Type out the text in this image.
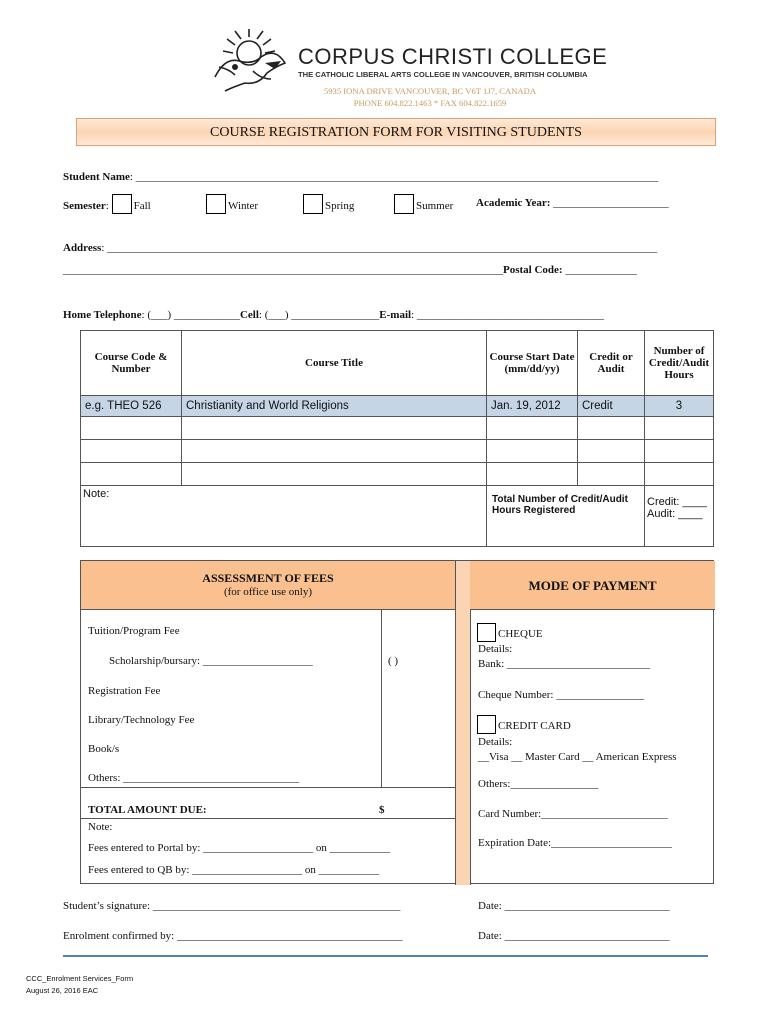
CORPUS CHRISTI COLLEGE
THE CATHOLIC LIBERAL ARTS COLLEGE IN VANCOUVER, BRITISH COLUMBIA
5935 IONA DRIVE VANCOUVER, BC V6T 1J7, CANADA
PHONE 604.822.1463 * FAX 604.822.1659
COURSE REGISTRATION FORM FOR VISITING STUDENTS
Student Name: _______________________________________________________________________________________________
Semester: Fall	Winter	Spring	Summer Academic Year: _____________________
Address: ____________________________________________________________________________________________________
________________________________________________________________________________Postal Code: _____________
Home Telephone: (___) ____________Cell: (___) ________________E-mail: __________________________________
Course Code & Number	Course Title	Course Start Date (mm/dd/yy)	Credit or Audit	Number of Credit/Audit Hours
e.g. THEO 526	Christianity and World Religions	Jan. 19, 2012	Credit	3

Note:		Total Number of Credit/Audit Hours Registered		Credit: ____
Audit: ____
ASSESSMENT OF FEES
(for office use only)	MODE OF PAYMENT
Tuition/Program Fee
Scholarship/bursary: ____________________	( )
Registration Fee
Library/Technology Fee
Book/s
Others: ________________________________
TOTAL AMOUNT DUE:	$
Note:
Fees entered to Portal by: ____________________ on ___________
Fees entered to QB by: ____________________ on ___________
CHEQUE
Details:
Bank: __________________________
Cheque Number: ________________
CREDIT CARD
Details:
__Visa __ Master Card __ American Express
Others:________________
Card Number:_______________________
Expiration Date:______________________
Student’s signature: _____________________________________________	Date: ______________________________
Enrolment confirmed by: _________________________________________	Date: ______________________________
CCC_Enrolment Services_Form
August 26, 2016 EAC
